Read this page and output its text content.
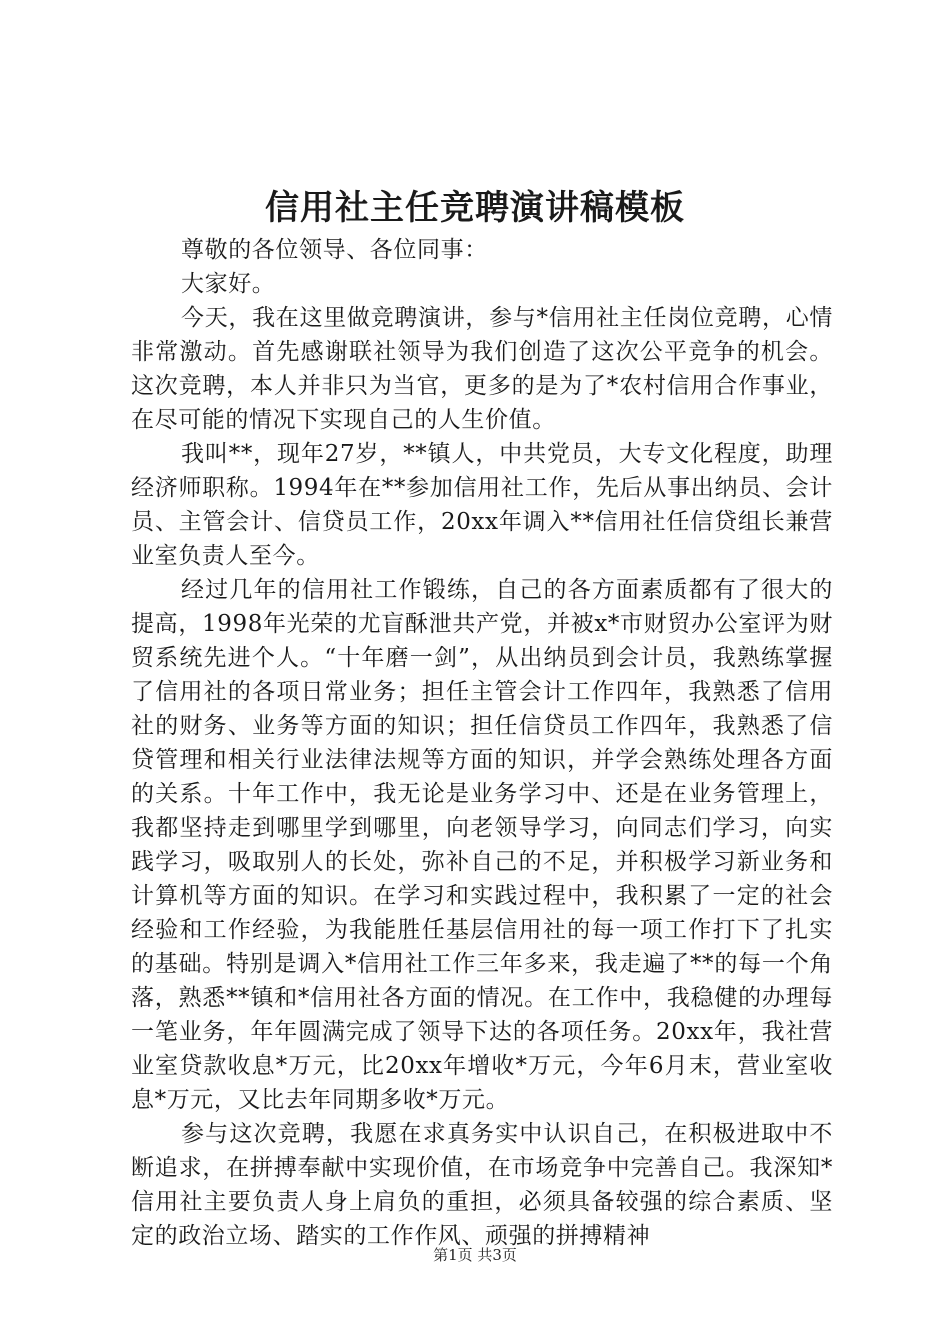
信用社主任竞聘演讲稿模板

尊敬的各位领导、各位同事：

大家好。

今天，我在这里做竞聘演讲，参与*信用社主任岗位竞聘，心情非常激动。首先感谢联社领导为我们创造了这次公平竞争的机会。这次竞聘，本人并非只为当官，更多的是为了*农村信用合作事业，在尽可能的情况下实现自己的人生价值。

我叫**，现年27岁，**镇人，中共党员，大专文化程度，助理经济师职称。1994年在**参加信用社工作，先后从事出纳员、会计员、主管会计、信贷员工作，20xx年调入**信用社任信贷组长兼营业室负责人至今。

经过几年的信用社工作锻练，自己的各方面素质都有了很大的提高，1998年光荣的尤盲酥泄共产党，并被x*市财贸办公室评为财贸系统先进个人。“十年磨一剑”，从出纳员到会计员，我熟练掌握了信用社的各项日常业务；担任主管会计工作四年，我熟悉了信用社的财务、业务等方面的知识；担任信贷员工作四年，我熟悉了信贷管理和相关行业法律法规等方面的知识，并学会熟练处理各方面的关系。十年工作中，我无论是业务学习中、还是在业务管理上，我都坚持走到哪里学到哪里，向老领导学习，向同志们学习，向实践学习，吸取别人的长处，弥补自己的不足，并积极学习新业务和计算机等方面的知识。在学习和实践过程中，我积累了一定的社会经验和工作经验，为我能胜任基层信用社的每一项工作打下了扎实的基础。特别是调入*信用社工作三年多来，我走遍了**的每一个角落，熟悉**镇和*信用社各方面的情况。在工作中，我稳健的办理每一笔业务，年年圆满完成了领导下达的各项任务。20xx年，我社营业室贷款收息*万元，比20xx年增收*万元，今年6月末，营业室收息*万元，又比去年同期多收*万元。

参与这次竞聘，我愿在求真务实中认识自己，在积极进取中不断追求，在拼搏奉献中实现价值，在市场竞争中完善自己。我深知*信用社主要负责人身上肩负的重担，必须具备较强的综合素质、坚定的政治立场、踏实的工作作风、顽强的拼搏精神

第1页 共3页
